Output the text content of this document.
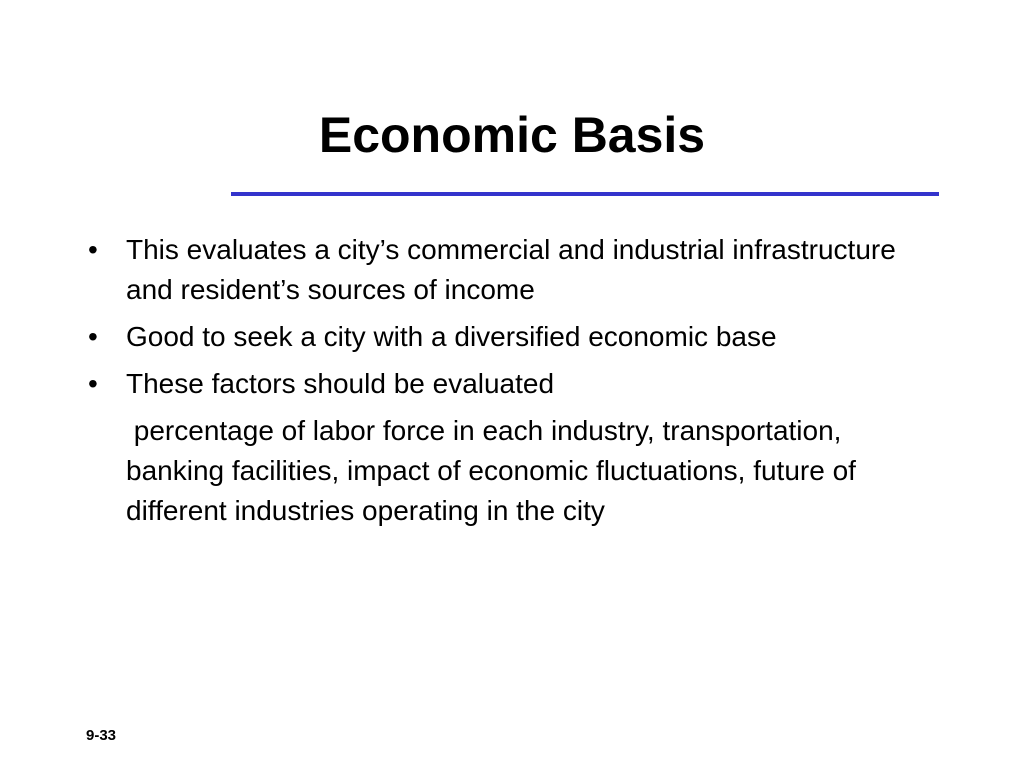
Economic Basis
• This evaluates a city’s commercial and industrial infrastructure and resident’s sources of income
• Good to seek a city with a diversified economic base
• These factors should be evaluated
percentage of labor force in each industry, transportation, banking facilities, impact of economic fluctuations, future of different industries operating in the city
9-33
